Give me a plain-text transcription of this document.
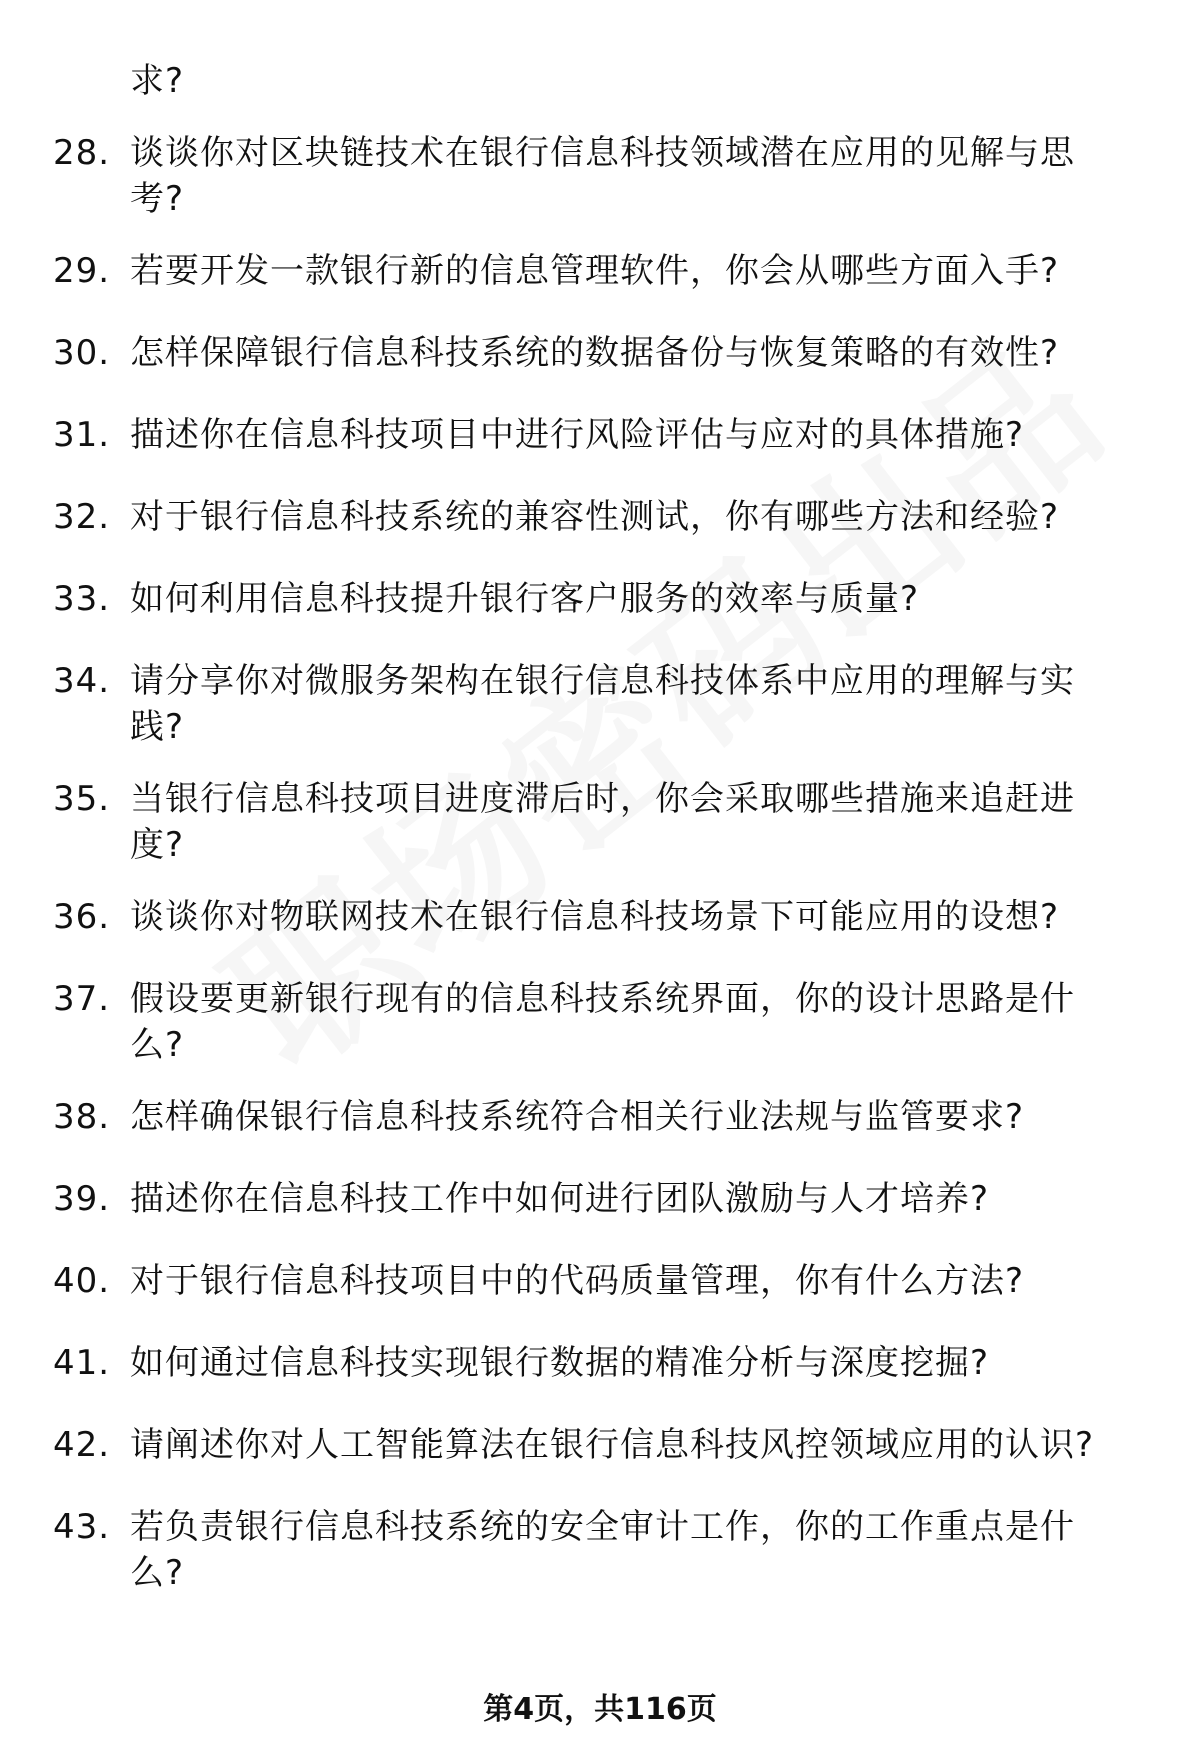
求?
28. 谈谈你对区块链技术在银行信息科技领域潜在应用的见解与思
考?
29. 若要开发一款银行新的信息管理软件，你会从哪些方面入手?
30. 怎样保障银行信息科技系统的数据备份与恢复策略的有效性?
31. 描述你在信息科技项目中进行风险评估与应对的具体措施?
32. 对于银行信息科技系统的兼容性测试，你有哪些方法和经验?
33. 如何利用信息科技提升银行客户服务的效率与质量?
34. 请分享你对微服务架构在银行信息科技体系中应用的理解与实
践?
35. 当银行信息科技项目进度滞后时，你会采取哪些措施来追赶进
度?
36. 谈谈你对物联网技术在银行信息科技场景下可能应用的设想?
37. 假设要更新银行现有的信息科技系统界面，你的设计思路是什
么?
38. 怎样确保银行信息科技系统符合相关行业法规与监管要求?
39. 描述你在信息科技工作中如何进行团队激励与人才培养?
40. 对于银行信息科技项目中的代码质量管理，你有什么方法?
41. 如何通过信息科技实现银行数据的精准分析与深度挖掘?
42. 请阐述你对人工智能算法在银行信息科技风控领域应用的认识?
43. 若负责银行信息科技系统的安全审计工作，你的工作重点是什
么?
第4页，共116页
